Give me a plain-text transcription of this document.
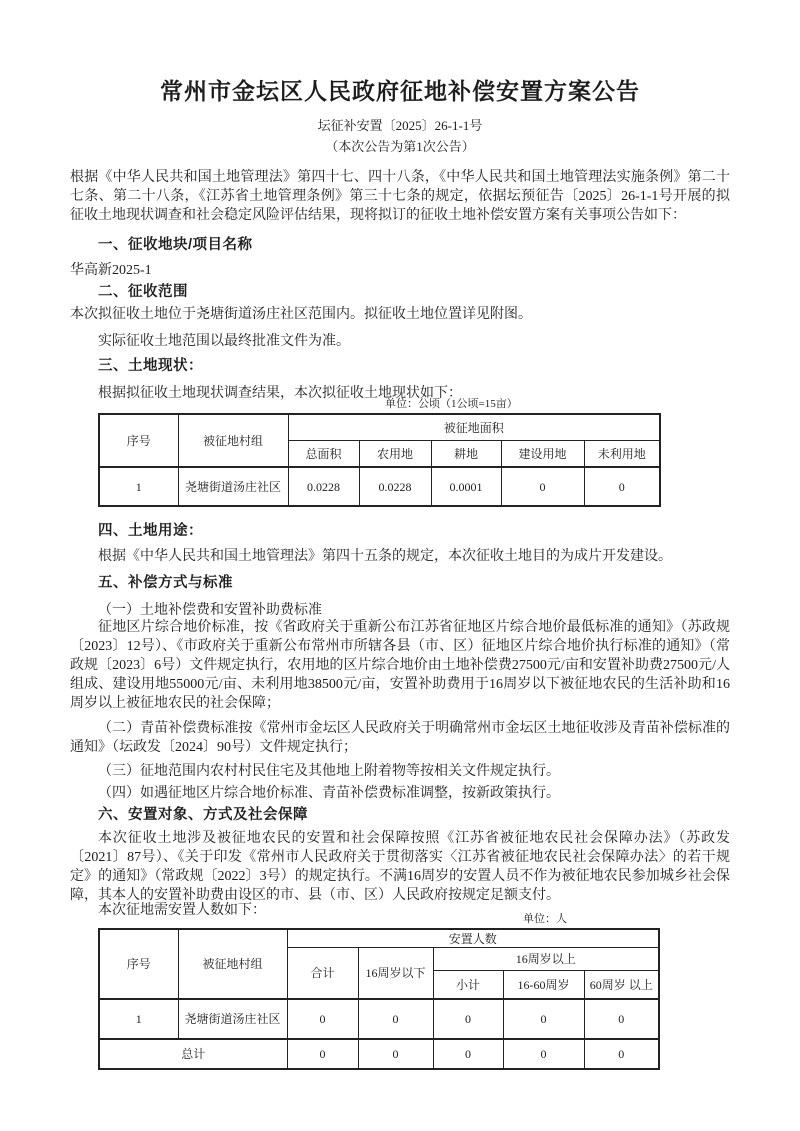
常州市金坛区人民政府征地补偿安置方案公告
坛征补安置〔2025〕26-1-1号
（本次公告为第1次公告）
根据《中华人民共和国土地管理法》第四十七、四十八条，《中华人民共和国土地管理法实施条例》第二十七条、第二十八条，《江苏省土地管理条例》第三十七条的规定，依据坛预征告〔2025〕26-1-1号开展的拟征收土地现状调查和社会稳定风险评估结果，现将拟订的征收土地补偿安置方案有关事项公告如下：
一、征收地块/项目名称
华高新2025-1
二、征收范围
本次拟征收土地位于尧塘街道汤庄社区范围内。拟征收土地位置详见附图。
实际征收土地范围以最终批准文件为准。
三、土地现状：
根据拟征收土地现状调查结果，本次拟征收土地现状如下：
单位：公顷（1公顷=15亩）
序号	被征地村组	被征地面积				
		总面积	农用地	耕地	建设用地	未利用地
1	尧塘街道汤庄社区	0.0228	0.0228	0.0001	0	0
四、土地用途：
根据《中华人民共和国土地管理法》第四十五条的规定，本次征收土地目的为成片开发建设。
五、补偿方式与标准
（一）土地补偿费和安置补助费标准
征地区片综合地价标准，按《省政府关于重新公布江苏省征地区片综合地价最低标准的通知》（苏政规〔2023〕12号）、《市政府关于重新公布常州市所辖各县（市、区）征地区片综合地价执行标准的通知》（常政规〔2023〕6号）文件规定执行，农用地的区片综合地价由土地补偿费27500元/亩和安置补助费27500元/人组成、建设用地55000元/亩、未利用地38500元/亩，安置补助费用于16周岁以下被征地农民的生活补助和16周岁以上被征地农民的社会保障；
（二）青苗补偿费标准按《常州市金坛区人民政府关于明确常州市金坛区土地征收涉及青苗补偿标准的通知》（坛政发〔2024〕90号）文件规定执行；
（三）征地范围内农村村民住宅及其他地上附着物等按相关文件规定执行。
（四）如遇征地区片综合地价标准、青苗补偿费标准调整，按新政策执行。
六、安置对象、方式及社会保障
本次征收土地涉及被征地农民的安置和社会保障按照《江苏省被征地农民社会保障办法》（苏政发〔2021〕87号）、《关于印发《常州市人民政府关于贯彻落实〈江苏省被征地农民社会保障办法〉的若干规定》的通知》（常政规〔2022〕3号）的规定执行。不满16周岁的安置人员不作为被征地农民参加城乡社会保障，其本人的安置补助费由设区的市、县（市、区）人民政府按规定足额支付。
本次征地需安置人数如下：
单位：人
序号	被征地村组	安置人数				
		合计	16周岁以下	16周岁以上		
				小计	16-60周岁	60周岁 以上
1	尧塘街道汤庄社区	0	0	0	0	0
总计		0	0	0	0	0
